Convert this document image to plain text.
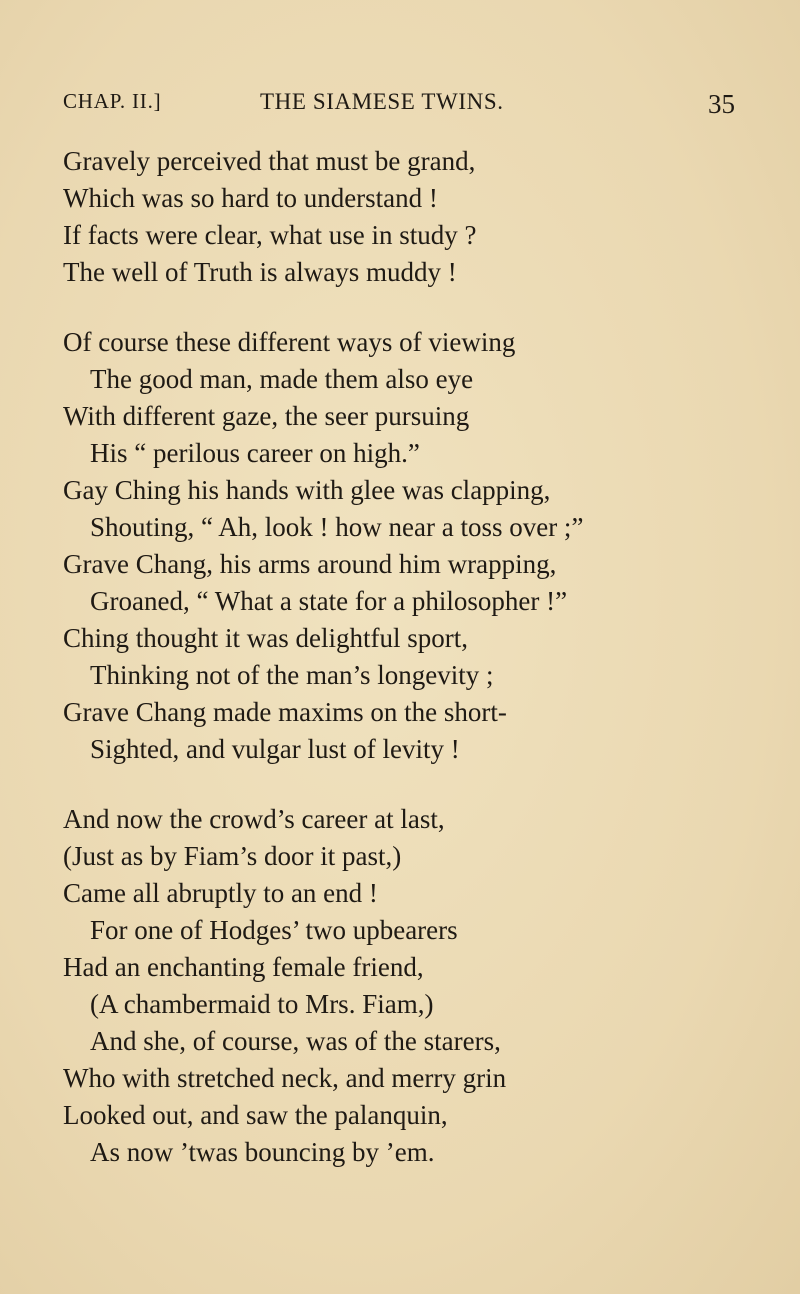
CHAP. II.]	THE SIAMESE TWINS.	35
Gravely perceived that must be grand,
Which was so hard to understand !
If facts were clear, what use in study ?
The well of Truth is always muddy !
Of course these different ways of viewing
The good man, made them also eye
With different gaze, the seer pursuing
His “ perilous career on high.”
Gay Ching his hands with glee was clapping,
Shouting, “ Ah, look ! how near a toss over ;”
Grave Chang, his arms around him wrapping,
Groaned, “ What a state for a philosopher !”
Ching thought it was delightful sport,
Thinking not of the man’s longevity ;
Grave Chang made maxims on the short-
Sighted, and vulgar lust of levity !
And now the crowd’s career at last,
(Just as by Fiam’s door it past,)
Came all abruptly to an end !
For one of Hodges’ two upbearers
Had an enchanting female friend,
(A chambermaid to Mrs. Fiam,)
And she, of course, was of the starers,
Who with stretched neck, and merry grin
Looked out, and saw the palanquin,
As now ’twas bouncing by ’em.
